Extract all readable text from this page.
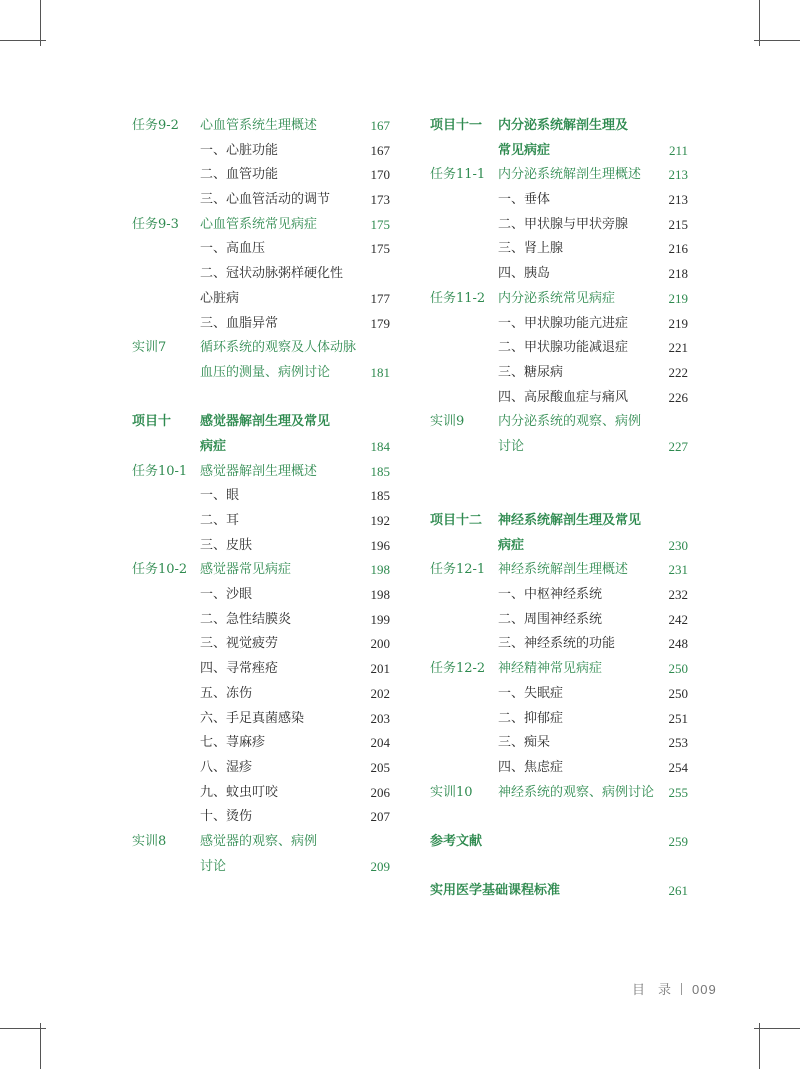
任务9-2 心血管系统生理概述	167
一、心脏功能	167
二、血管功能	170
三、心血管活动的调节	173
任务9-3 心血管系统常见病症	175
一、高血压	175
二、冠状动脉粥样硬化性
心脏病	177
三、血脂异常	179
实训7	循环系统的观察及人体动脉
血压的测量、病例讨论	181
项目十 感觉器解剖生理及常见
病症	184
任务10-1 感觉器解剖生理概述	185
一、眼	185
二、耳	192
三、皮肤	196
任务10-2 感觉器常见病症	198
一、沙眼	198
二、急性结膜炎	199
三、视觉疲劳	200
四、寻常痤疮	201
五、冻伤	202
六、手足真菌感染	203
七、荨麻疹	204
八、湿疹	205
九、蚊虫叮咬	206
十、烫伤	207
实训8	感觉器的观察、病例
讨论	209
项目十一 内分泌系统解剖生理及
常见病症	211
任务11-1 内分泌系统解剖生理概述 213
一、垂体	213
二、甲状腺与甲状旁腺	215
三、肾上腺	216
四、胰岛	218
任务11-2 内分泌系统常见病症	219
一、甲状腺功能亢进症	219
二、甲状腺功能减退症	221
三、糖尿病	222
四、高尿酸血症与痛风	226
实训9	内分泌系统的观察、病例
讨论	227
项目十二 神经系统解剖生理及常见
病症	230
任务12-1 神经系统解剖生理概述	231
一、中枢神经系统	232
二、周围神经系统	242
三、神经系统的功能	248
任务12-2 神经精神常见病症	250
一、失眠症	250
二、抑郁症	251
三、痴呆	253
四、焦虑症	254
实训10 神经系统的观察、病例讨论 255
参考文献	259
实用医学基础课程标准	261
目　录 009
